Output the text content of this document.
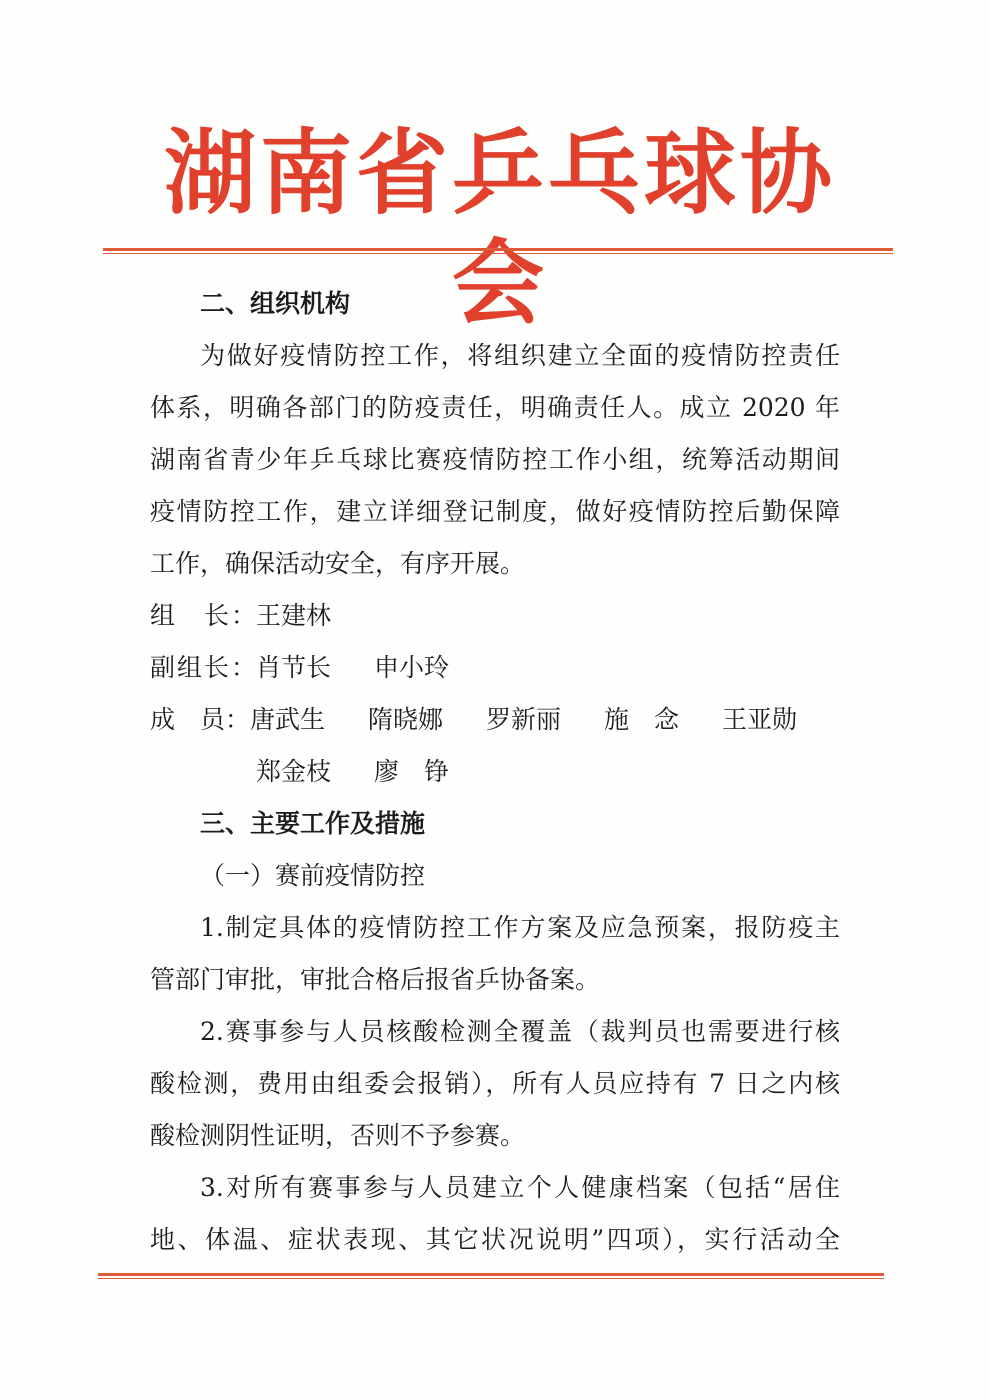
湖南省乒乓球协会
二、组织机构
为做好疫情防控工作，将组织建立全面的疫情防控责任
体系，明确各部门的防疫责任，明确责任人。成立 2020 年
湖南省青少年乒乓球比赛疫情防控工作小组，统筹活动期间
疫情防控工作，建立详细登记制度，做好疫情防控后勤保障
工作，确保活动安全，有序开展。
组　长： 王建林
副组长： 肖节长	申小玲
成　员： 唐武生	隋晓娜	罗新丽	施　念	王亚勋
郑金枝	廖　铮
三、主要工作及措施
（一）赛前疫情防控
1.制定具体的疫情防控工作方案及应急预案，报防疫主
管部门审批，审批合格后报省乒协备案。
2.赛事参与人员核酸检测全覆盖（裁判员也需要进行核
酸检测，费用由组委会报销），所有人员应持有 7 日之内核
酸检测阴性证明，否则不予参赛。
3.对所有赛事参与人员建立个人健康档案（包括“居住
地、体温、症状表现、其它状况说明”四项），实行活动全
